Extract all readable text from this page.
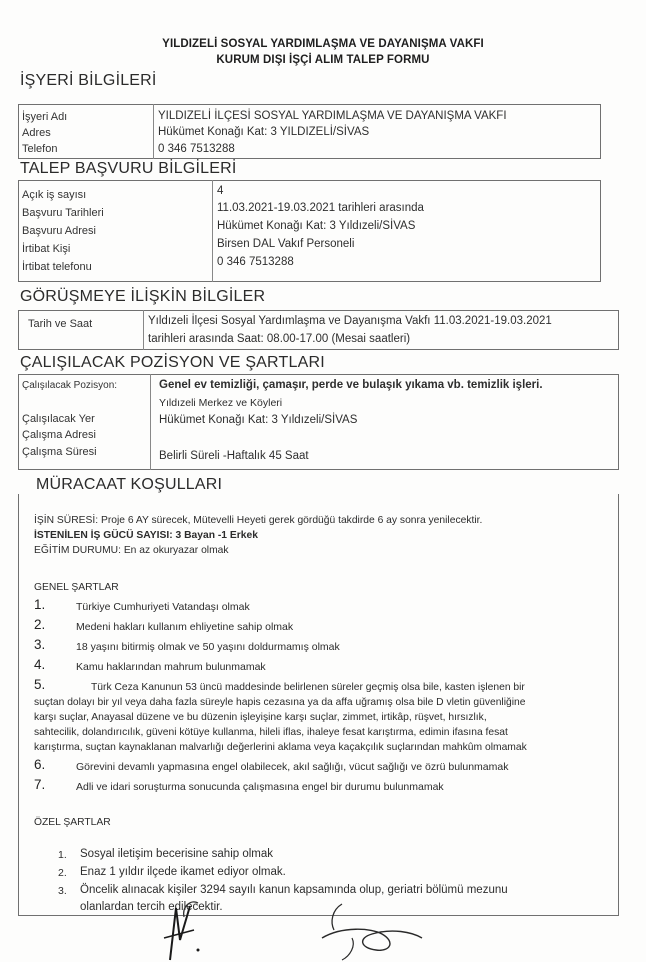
YILDIZELİ SOSYAL YARDIMLAŞMA VE DAYANIŞMA VAKFI
KURUM DIŞI İŞÇİ ALIM TALEP FORMU
İŞYERİ BİLGİLERİ
İşyeri Adı	YILDIZELİ İLÇESİ SOSYAL YARDIMLAŞMA VE DAYANIŞMA VAKFI
Adres	Hükümet Konağı Kat: 3 YILDIZELİ/SİVAS
Telefon	0 346 7513288
TALEP BAŞVURU BİLGİLERİ
Açık iş sayısı	4
Başvuru Tarihleri	11.03.2021-19.03.2021 tarihleri arasında
Başvuru Adresi	Hükümet Konağı Kat: 3 Yıldızeli/SİVAS
İrtibat Kişi	Birsen DAL Vakıf Personeli
İrtibat telefonu	0 346 7513288
GÖRÜŞMEYE İLİŞKİN BİLGİLER
Tarih ve Saat	Yıldızeli İlçesi Sosyal Yardımlaşma ve Dayanışma Vakfı 11.03.2021-19.03.2021
tarihleri arasında Saat: 08.00-17.00 (Mesai saatleri)
ÇALIŞILACAK POZİSYON VE ŞARTLARI
Çalışılacak Pozisyon:	Genel ev temizliği, çamaşır, perde ve bulaşık yıkama vb. temizlik işleri.
Yıldızeli Merkez ve Köyleri
Çalışılacak Yer	Hükümet Konağı Kat: 3 Yıldızeli/SİVAS
Çalışma Adresi
Çalışma Süresi	Belirli Süreli -Haftalık 45 Saat
MÜRACAAT KOŞULLARI
İŞİN SÜRESİ: Proje 6 AY sürecek, Mütevelli Heyeti gerek gördüğü takdirde 6 ay sonra yenilecektir.
İSTENİLEN İŞ GÜCÜ SAYISI: 3 Bayan -1 Erkek
EĞİTİM DURUMU: En az okuryazar olmak
GENEL ŞARTLAR
1.	Türkiye Cumhuriyeti Vatandaşı olmak
2.	Medeni hakları kullanım ehliyetine sahip olmak
3.	18 yaşını bitirmiş olmak ve 50 yaşını doldurmamış olmak
4.	Kamu haklarından mahrum bulunmamak
5.	Türk Ceza Kanunun 53 üncü maddesinde belirlenen süreler geçmiş olsa bile, kasten işlenen bir
suçtan dolayı bir yıl veya daha fazla süreyle hapis cezasına ya da affa uğramış olsa bile D vletin güvenliğine
karşı suçlar, Anayasal düzene ve bu düzenin işleyişine karşı suçlar, zimmet, irtikâp, rüşvet, hırsızlık,
sahtecilik, dolandırıcılık, güveni kötüye kullanma, hileli iflas, ihaleye fesat karıştırma, edimin ifasına fesat
karıştırma, suçtan kaynaklanan malvarlığı değerlerini aklama veya kaçakçılık suçlarından mahkûm olmamak
6.	Görevini devamlı yapmasına engel olabilecek, akıl sağlığı, vücut sağlığı ve özrü bulunmamak
7.	Adli ve idari soruşturma sonucunda çalışmasına engel bir durumu bulunmamak
ÖZEL ŞARTLAR
1. Sosyal iletişim becerisine sahip olmak
2. Enaz 1 yıldır ilçede ikamet ediyor olmak.
3. Öncelik alınacak kişiler 3294 sayılı kanun kapsamında olup, geriatri bölümü mezunu
olanlardan tercih edilecektir.
